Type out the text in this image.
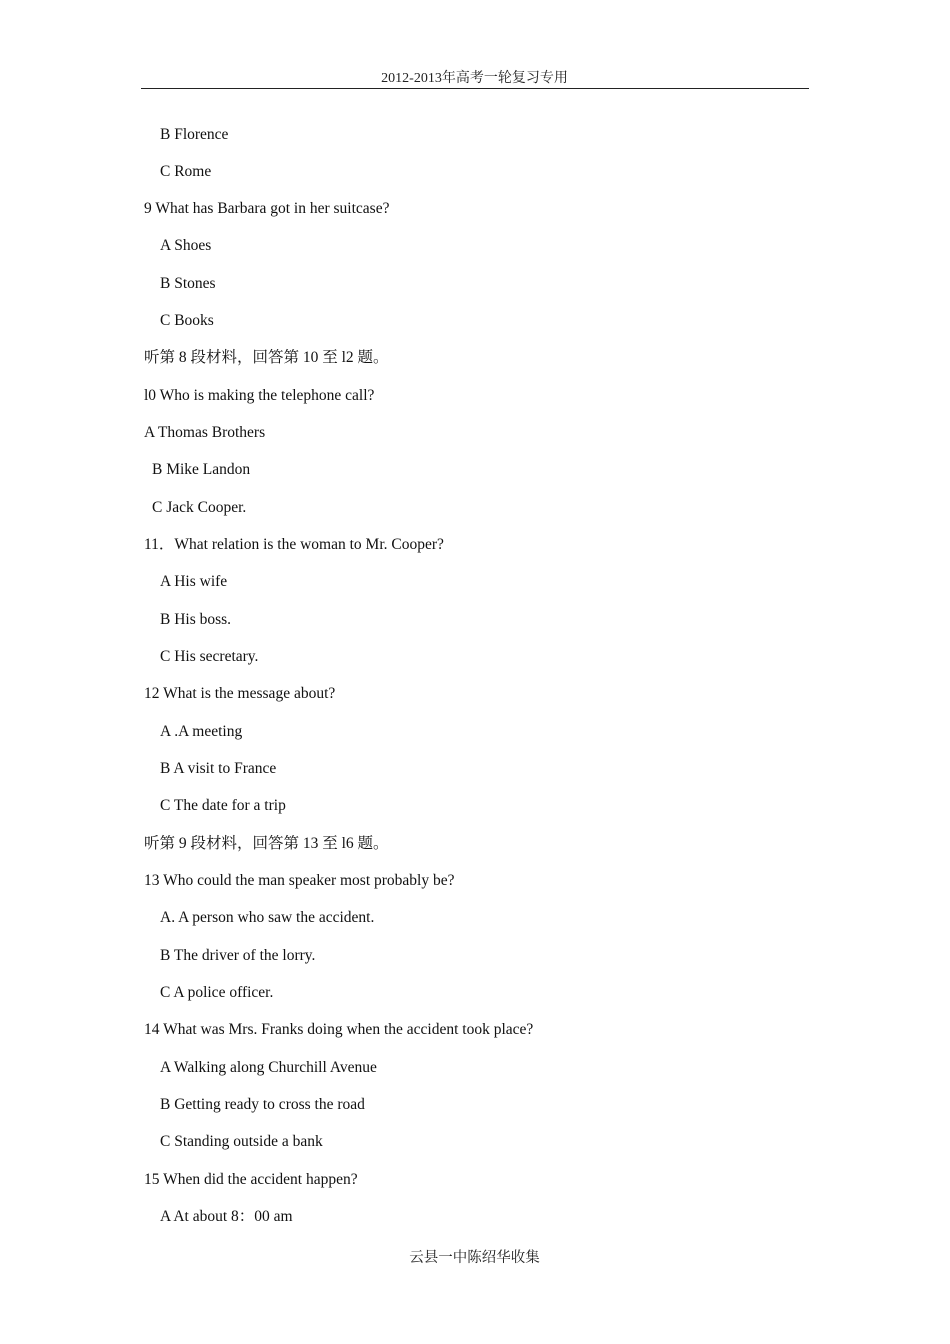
2012-2013年高考一轮复习专用
B Florence
C Rome
9 What has Barbara got in her suitcase?
A Shoes
B Stones
C Books
听第 8 段材料，回答第 10 至 l2 题。
l0 Who is making the telephone call?
A Thomas Brothers
B Mike Landon
C Jack Cooper.
11．What relation is the woman to Mr. Cooper?
A His wife
B His boss.
C His secretary.
12 What is the message about?
A .A meeting
B A visit to France
C The date for a trip
听第 9 段材料，回答第 13 至 l6 题。
13 Who could the man speaker most probably be?
A. A person who saw the accident.
B The driver of the lorry.
C A police officer.
14 What was Mrs. Franks doing when the accident took place?
A Walking along Churchill Avenue
B Getting ready to cross the road
C Standing outside a bank
15 When did the accident happen?
A At about 8：00 am
云县一中陈绍华收集
